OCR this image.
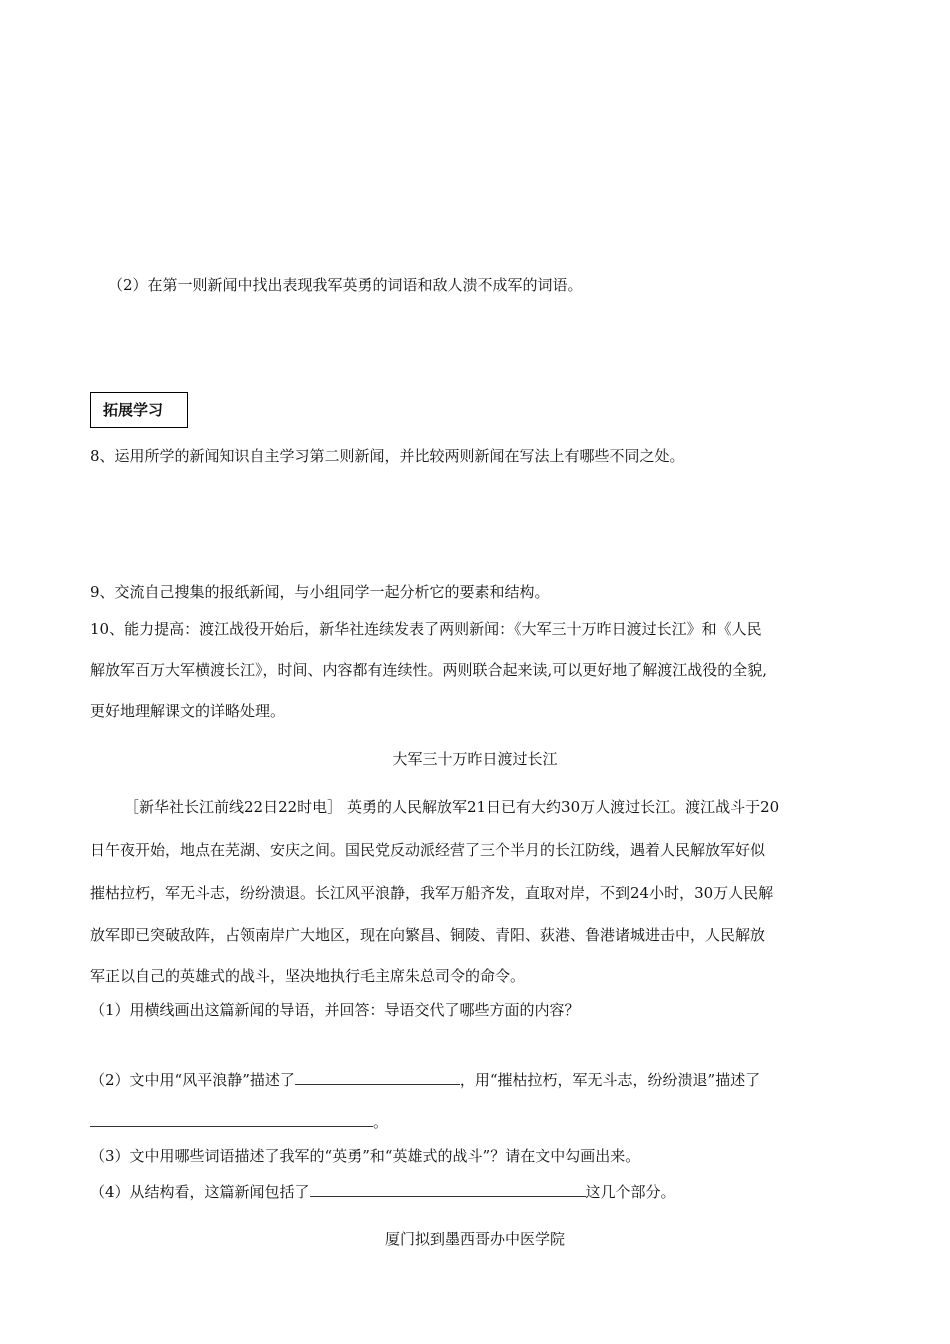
（2）在第一则新闻中找出表现我军英勇的词语和敌人溃不成军的词语。
拓展学习
8、运用所学的新闻知识自主学习第二则新闻，并比较两则新闻在写法上有哪些不同之处。
9、交流自己搜集的报纸新闻，与小组同学一起分析它的要素和结构。
10、能力提高：渡江战役开始后，新华社连续发表了两则新闻：《大军三十万昨日渡过长江》和《人民
解放军百万大军横渡长江》，时间、内容都有连续性。两则联合起来读,可以更好地了解渡江战役的全貌,
更好地理解课文的详略处理。
大军三十万昨日渡过长江
［新华社长江前线22日22时电］ 英勇的人民解放军21日已有大约30万人渡过长江。渡江战斗于20
日午夜开始，地点在芜湖、安庆之间。国民党反动派经营了三个半月的长江防线，遇着人民解放军好似
摧枯拉朽，军无斗志，纷纷溃退。长江风平浪静，我军万船齐发，直取对岸，不到24小时，30万人民解
放军即已突破敌阵，占领南岸广大地区，现在向繁昌、铜陵、青阳、荻港、鲁港诸城进击中，人民解放
军正以自己的英雄式的战斗，坚决地执行毛主席朱总司令的命令。
（1）用横线画出这篇新闻的导语，并回答：导语交代了哪些方面的内容？
（2）文中用“风平浪静”描述了	，用“摧枯拉朽，军无斗志，纷纷溃退”描述了
。
（3）文中用哪些词语描述了我军的“英勇”和“英雄式的战斗”？请在文中勾画出来。
（4）从结构看，这篇新闻包括了	这几个部分。
厦门拟到墨西哥办中医学院
